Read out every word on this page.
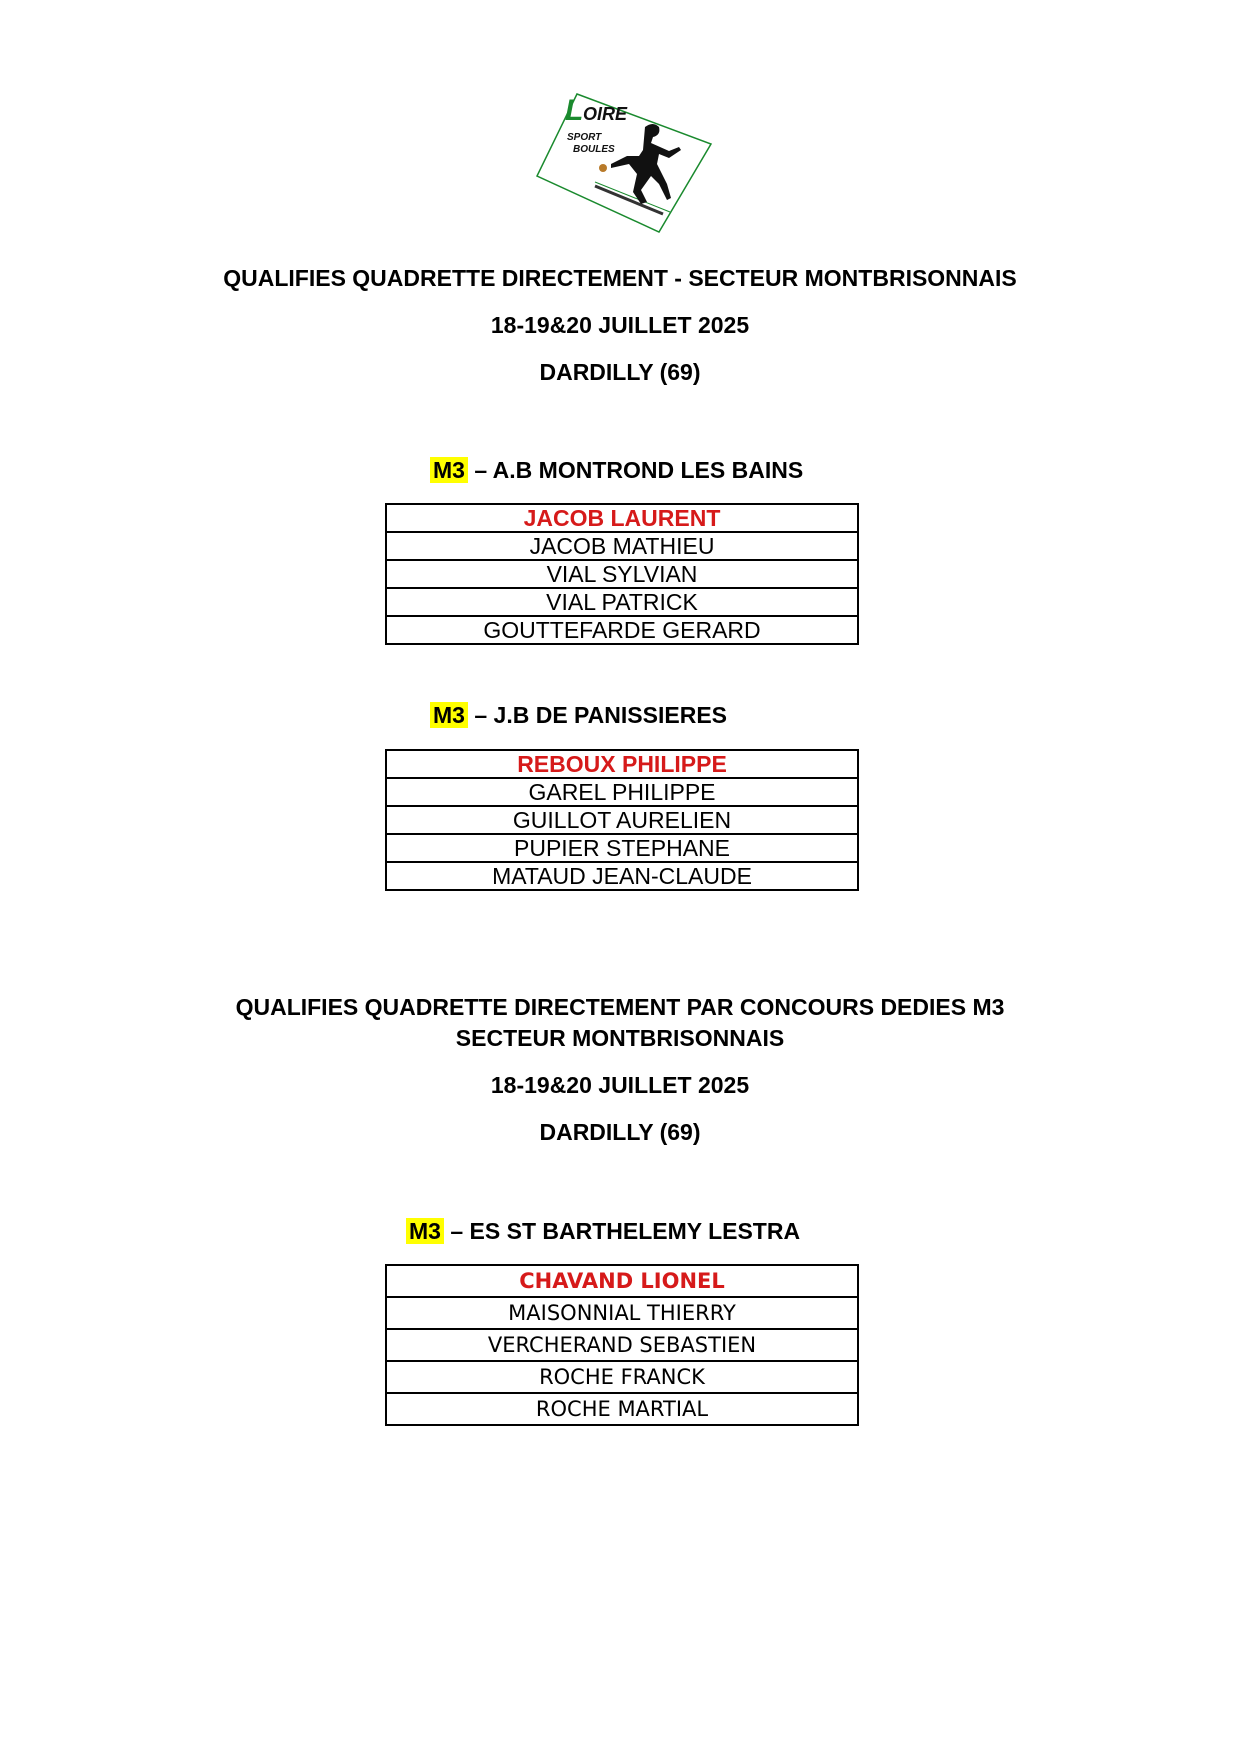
L OIRE
SPORT
BOULES
QUALIFIES QUADRETTE DIRECTEMENT - SECTEUR MONTBRISONNAIS
18-19&20 JUILLET 2025
DARDILLY (69)
M3 – A.B MONTROND LES BAINS
JACOB LAURENT
JACOB MATHIEU
VIAL SYLVIAN
VIAL PATRICK
GOUTTEFARDE GERARD
M3 – J.B DE PANISSIERES
REBOUX PHILIPPE
GAREL PHILIPPE
GUILLOT AURELIEN
PUPIER STEPHANE
MATAUD JEAN-CLAUDE
QUALIFIES QUADRETTE DIRECTEMENT PAR CONCOURS DEDIES M3
SECTEUR MONTBRISONNAIS
18-19&20 JUILLET 2025
DARDILLY (69)
M3 – ES ST BARTHELEMY LESTRA
CHAVAND LIONEL
MAISONNIAL THIERRY
VERCHERAND SEBASTIEN
ROCHE FRANCK
ROCHE MARTIAL
